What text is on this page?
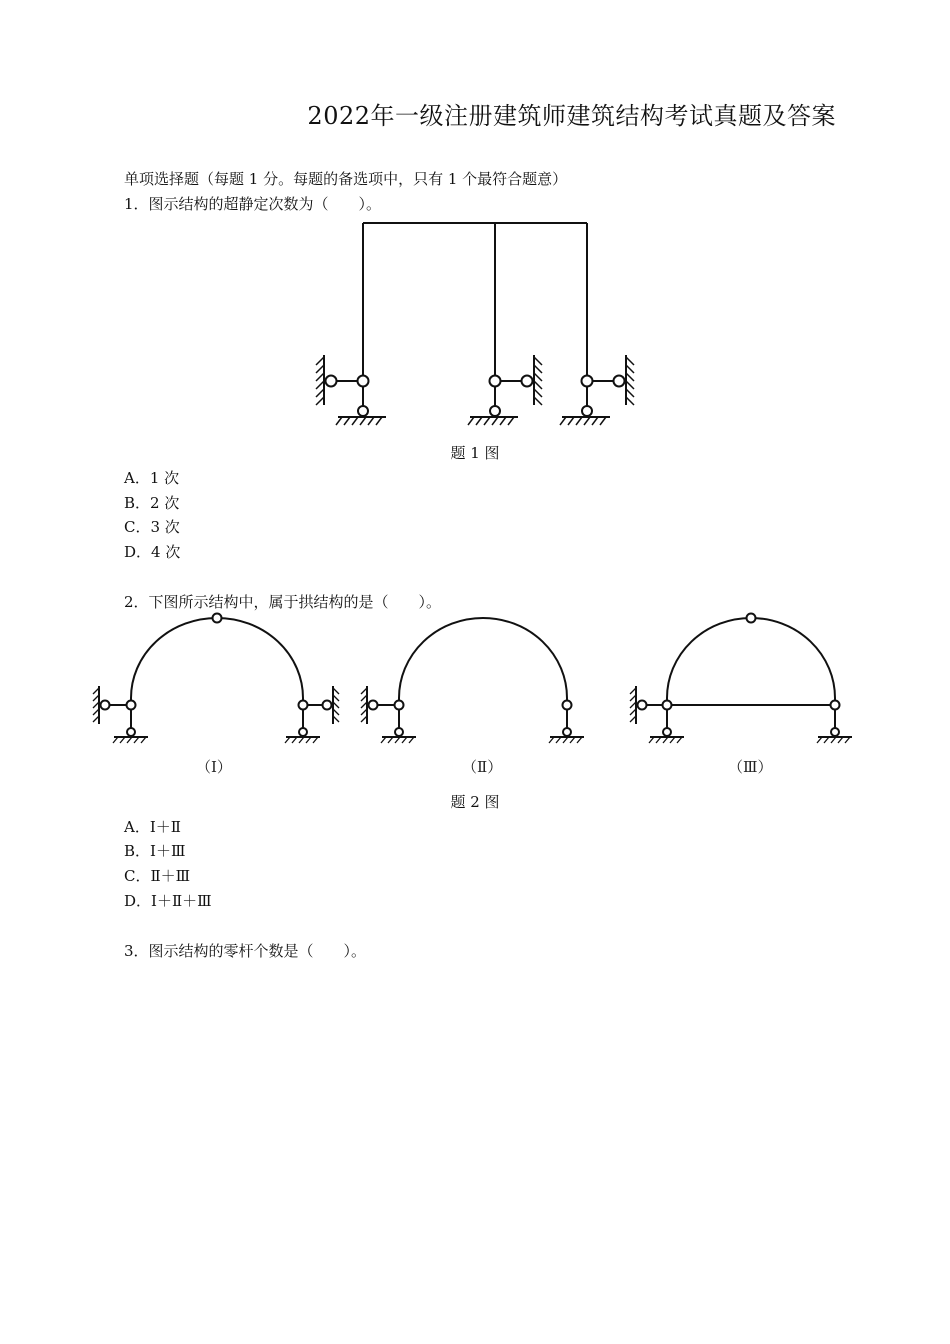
2022年一级注册建筑师建筑结构考试真题及答案
单项选择题（每题 1 分。每题的备选项中，只有 1 个最符合题意）
1．图示结构的超静定次数为（　　）。
题 1 图
A．1 次
B．2 次
C．3 次
D．4 次
2．下图所示结构中，属于拱结构的是（　　）。
（Ⅰ）	（Ⅱ）	（Ⅲ）
题 2 图
A．Ⅰ＋Ⅱ
B．Ⅰ＋Ⅲ
C．Ⅱ＋Ⅲ
D．Ⅰ＋Ⅱ＋Ⅲ
3．图示结构的零杆个数是（　　）。
